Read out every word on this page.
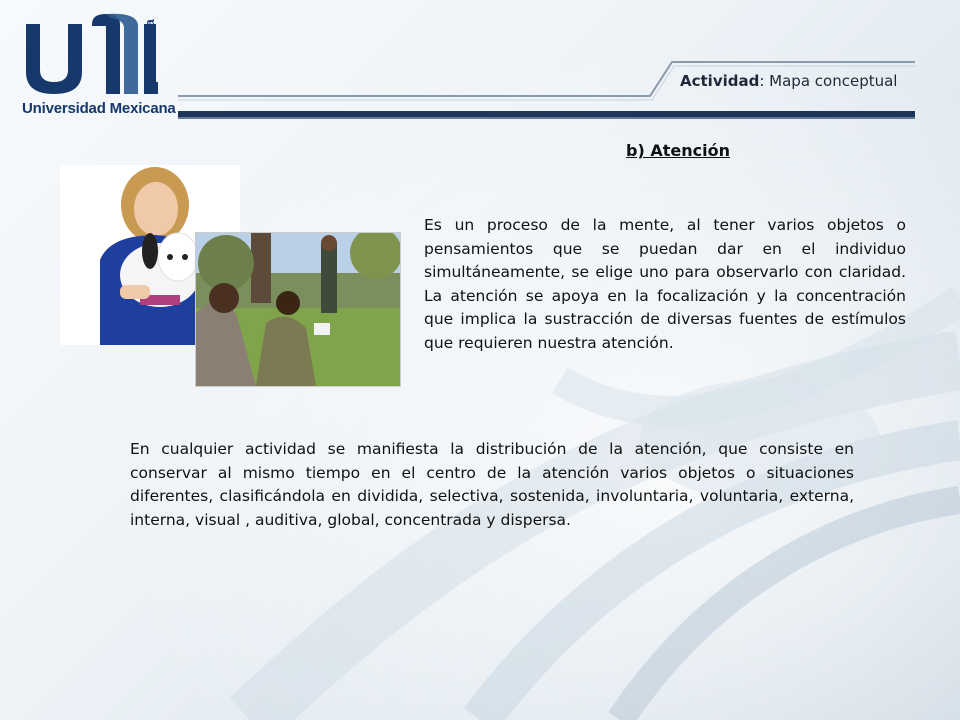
Universidad Mexicana
en Línea
Actividad: Mapa conceptual
b) Atención
Es un proceso de la mente, al tener varios objetos o pensamientos que se puedan dar en el individuo simultáneamente, se elige uno para observarlo con claridad. La atención se apoya en la focalización y la concentración que implica la sustracción de diversas fuentes de estímulos que requieren nuestra atención.
En cualquier actividad se manifiesta la distribución de la atención, que consiste en conservar al mismo tiempo en el centro de la atención varios objetos o situaciones diferentes, clasificándola en dividida, selectiva, sostenida, involuntaria, voluntaria, externa, interna, visual , auditiva, global, concentrada y dispersa.
